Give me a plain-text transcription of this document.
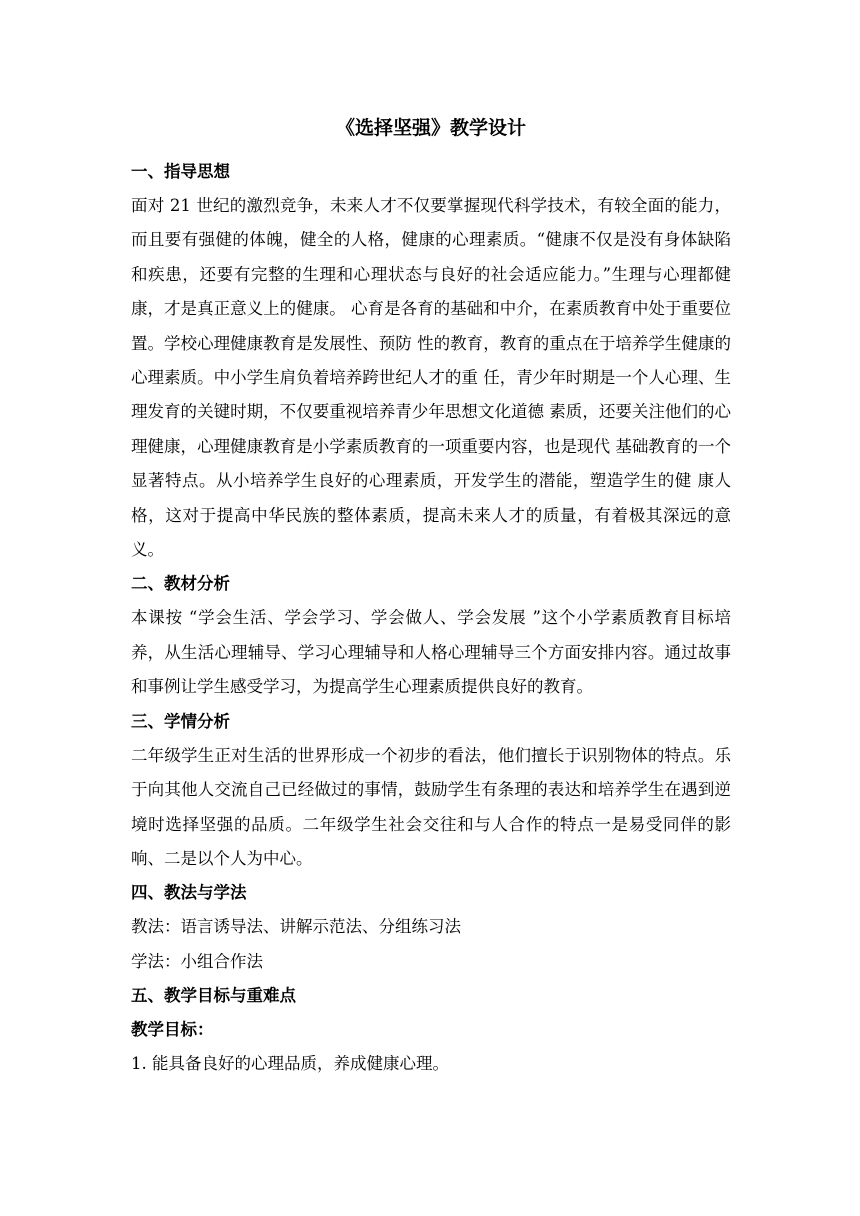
《选择坚强》教学设计
一、指导思想

面对 21 世纪的激烈竞争，未来人才不仅要掌握现代科学技术，有较全面的能力，而且要有强健的体魄，健全的人格，健康的心理素质。“健康不仅是没有身体缺陷和疾患，还要有完整的生理和心理状态与良好的社会适应能力。”生理与心理都健康，才是真正意义上的健康。 心育是各育的基础和中介，在素质教育中处于重要位置。学校心理健康教育是发展性、预防 性的教育，教育的重点在于培养学生健康的心理素质。中小学生肩负着培养跨世纪人才的重 任，青少年时期是一个人心理、生理发育的关键时期，不仅要重视培养青少年思想文化道德 素质，还要关注他们的心理健康，心理健康教育是小学素质教育的一项重要内容，也是现代 基础教育的一个显著特点。从小培养学生良好的心理素质，开发学生的潜能，塑造学生的健 康人格，这对于提高中华民族的整体素质，提高未来人才的质量，有着极其深远的意义。

二、教材分析

本课按 “学会生活、学会学习、学会做人、学会发展 ”这个小学素质教育目标培养，从生活心理辅导、学习心理辅导和人格心理辅导三个方面安排内容。通过故事和事例让学生感受学习，为提高学生心理素质提供良好的教育。

三、学情分析

二年级学生正对生活的世界形成一个初步的看法，他们擅长于识别物体的特点。乐于向其他人交流自己已经做过的事情，鼓励学生有条理的表达和培养学生在遇到逆境时选择坚强的品质。二年级学生社会交往和与人合作的特点一是易受同伴的影响、二是以个人为中心。

四、教法与学法

教法：语言诱导法、讲解示范法、分组练习法

学法：小组合作法

五、教学目标与重难点

教学目标：

1. 能具备良好的心理品质，养成健康心理。
